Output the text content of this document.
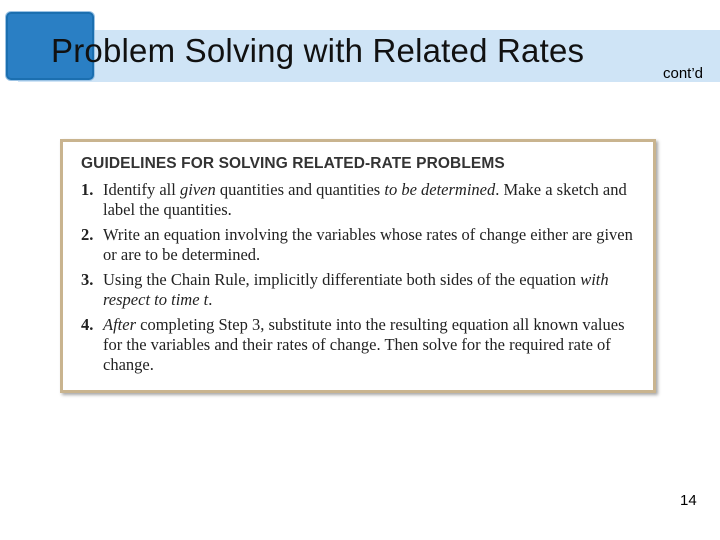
Problem Solving with Related Rates
cont’d
GUIDELINES FOR SOLVING RELATED-RATE PROBLEMS
1. Identify all given quantities and quantities to be determined. Make a sketch and label the quantities.
2. Write an equation involving the variables whose rates of change either are given or are to be determined.
3. Using the Chain Rule, implicitly differentiate both sides of the equation with respect to time t.
4. After completing Step 3, substitute into the resulting equation all known values for the variables and their rates of change. Then solve for the required rate of change.
14
